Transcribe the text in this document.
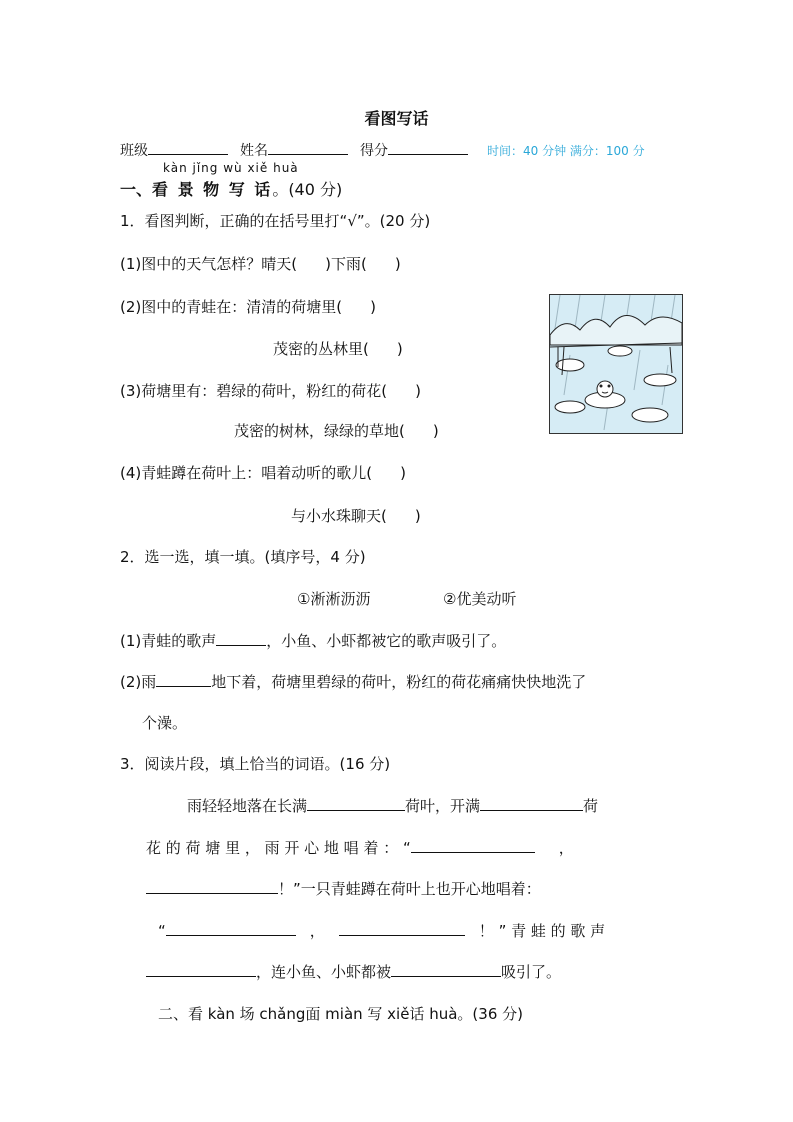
看图写话
班级	姓名	得分	时间：40 分钟 满分：100 分
kàn jǐng wù xiě huà
一、看 景 物 写 话。(40 分)
1．看图判断，正确的在括号里打“√”。(20 分)
(1)图中的天气怎样？晴天( )下雨( )
(2)图中的青蛙在：清清的荷塘里( )
茂密的丛林里( )
(3)荷塘里有：碧绿的荷叶，粉红的荷花( )
茂密的树林，绿绿的草地( )
(4)青蛙蹲在荷叶上：唱着动听的歌儿( )
与小水珠聊天( )
2．选一选，填一填。(填序号，4 分)
①淅淅沥沥	②优美动听
(1)青蛙的歌声	，小鱼、小虾都被它的歌声吸引了。
(2)雨	地下着，荷塘里碧绿的荷叶，粉红的荷花痛痛快快地洗了
个澡。
3．阅读片段，填上恰当的词语。(16 分)
雨轻轻地落在长满	荷叶，开满	荷
花 的 荷 塘 里 ， 雨 开 心 地 唱 着 ： “	，
！”一只青蛙蹲在荷叶上也开心地唱着：
“	，	！ ” 青 蛙 的 歌 声
，连小鱼、小虾都被	吸引了。
二、看 kàn 场 chǎng面 miàn 写 xiě话 huà。(36 分)
